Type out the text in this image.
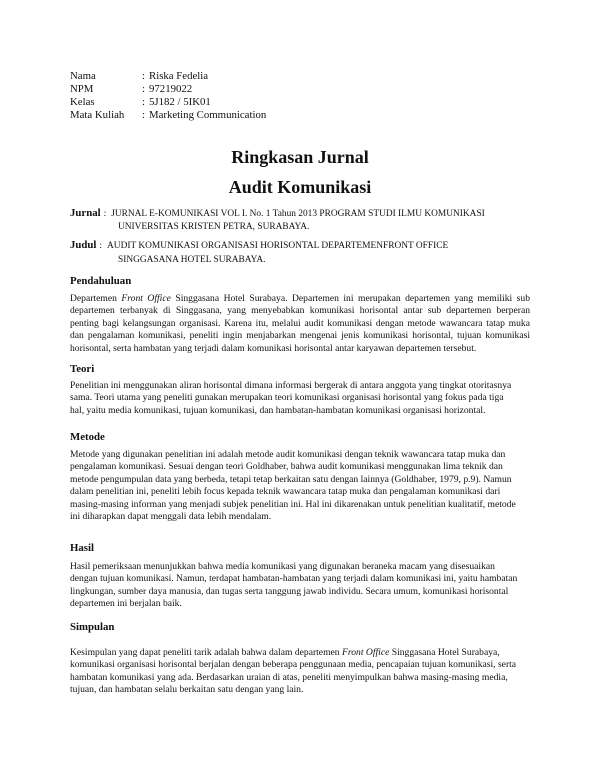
Nama	: Riska Fedelia
NPM	: 97219022
Kelas	: 5J182 / 5IK01
Mata Kuliah	: Marketing Communication
Ringkasan Jurnal
Audit Komunikasi
Jurnal : JURNAL E-KOMUNIKASI VOL I. No. 1 Tahun 2013 PROGRAM STUDI ILMU KOMUNIKASI
UNIVERSITAS KRISTEN PETRA, SURABAYA.
Judul : AUDIT KOMUNIKASI ORGANISASI HORISONTAL DEPARTEMENFRONT OFFICE
SINGGASANA HOTEL SURABAYA.
Pendahuluan
Departemen Front Office Singgasana Hotel Surabaya. Departemen ini merupakan departemen yang memiliki sub
departemen terbanyak di Singgasana, yang menyebabkan komunikasi horisontal antar sub departemen berperan
penting bagi kelangsungan organisasi. Karena itu, melalui audit komunikasi dengan metode wawancara tatap muka
dan pengalaman komunikasi, peneliti ingin menjabarkan mengenai jenis komunikasi horisontal, tujuan komunikasi
horisontal, serta hambatan yang terjadi dalam komunikasi horisontal antar karyawan departemen tersebut.
Teori
Penelitian ini menggunakan aliran horisontal dimana informasi bergerak di antara anggota yang tingkat otoritasnya
sama. Teori utama yang peneliti gunakan merupakan teori komunikasi organisasi horisontal yang fokus pada tiga
hal, yaitu media komunikasi, tujuan komunikasi, dan hambatan-hambatan komunikasi organisasi horizontal.
Metode
Metode yang digunakan penelitian ini adalah metode audit komunikasi dengan teknik wawancara tatap muka dan
pengalaman komunikasi. Sesuai dengan teori Goldhaber, bahwa audit komunikasi menggunakan lima teknik dan
metode pengumpulan data yang berbeda, tetapi tetap berkaitan satu dengan lainnya (Goldhaber, 1979, p.9). Namun
dalam penelitian ini, peneliti lebih focus kepada teknik wawancara tatap muka dan pengalaman komunikasi dari
masing-masing informan yang menjadi subjek penelitian ini. Hal ini dikarenakan untuk penelitian kualitatif, metode
ini diharapkan dapat menggali data lebih mendalam.
Hasil
Hasil pemeriksaan menunjukkan bahwa media komunikasi yang digunakan beraneka macam yang disesuaikan
dengan tujuan komunikasi. Namun, terdapat hambatan-hambatan yang terjadi dalam komunikasi ini, yaitu hambatan
lingkungan, sumber daya manusia, dan tugas serta tanggung jawab individu. Secara umum, komunikasi horisontal
departemen ini berjalan baik.
Simpulan
Kesimpulan yang dapat peneliti tarik adalah bahwa dalam departemen Front Office Singgasana Hotel Surabaya,
komunikasi organisasi horisontal berjalan dengan beberapa penggunaan media, pencapaian tujuan komunikasi, serta
hambatan komunikasi yang ada. Berdasarkan uraian di atas, peneliti menyimpulkan bahwa masing-masing media,
tujuan, dan hambatan selalu berkaitan satu dengan yang lain.
